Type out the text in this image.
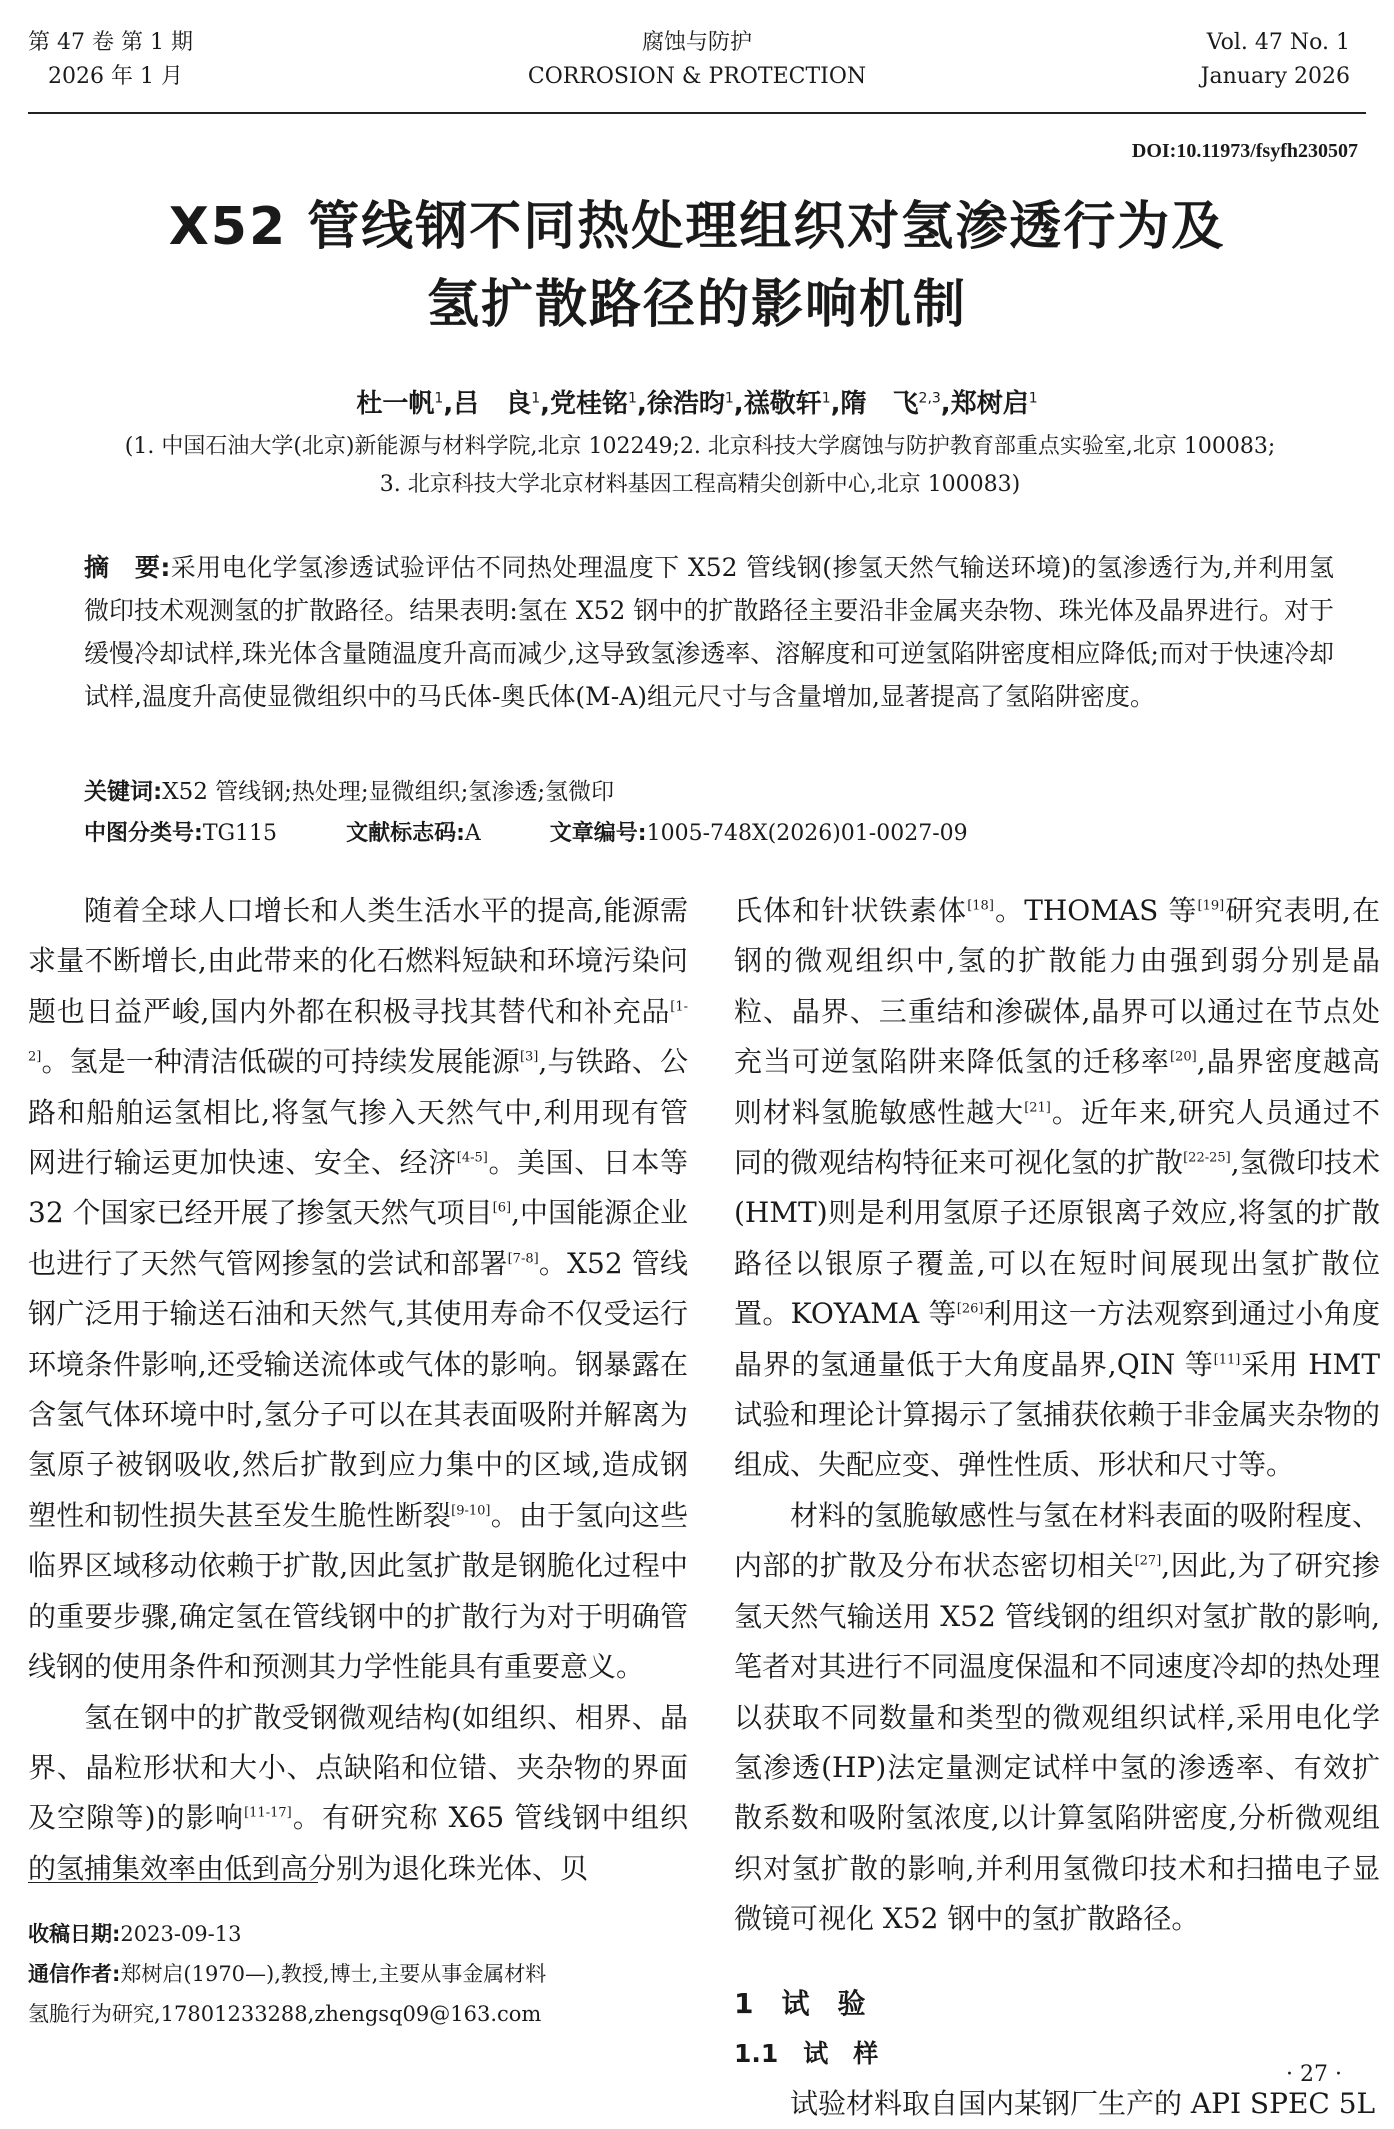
第 47 卷 第 1 期
2026 年 1 月
腐蚀与防护
CORROSION & PROTECTION
Vol. 47 No. 1
January 2026
DOI:10.11973/fsyfh230507
X52 管线钢不同热处理组织对氢渗透行为及
氢扩散路径的影响机制
杜一帆$^1$,吕　良$^1$,党桂铭$^1$,徐浩昀$^1$,禚敬轩$^1$,隋　飞$^{2,3}$,郑树启$^1$
(1. 中国石油大学(北京)新能源与材料学院,北京 102249;2. 北京科技大学腐蚀与防护教育部重点实验室,北京 100083;
3. 北京科技大学北京材料基因工程高精尖创新中心,北京 100083)
摘　要:采用电化学氢渗透试验评估不同热处理温度下 X52 管线钢(掺氢天然气输送环境)的氢渗透行为,并利用氢微印技术观测氢的扩散路径。结果表明:氢在 X52 钢中的扩散路径主要沿非金属夹杂物、珠光体及晶界进行。对于缓慢冷却试样,珠光体含量随温度升高而减少,这导致氢渗透率、溶解度和可逆氢陷阱密度相应降低;而对于快速冷却试样,温度升高使显微组织中的马氏体-奥氏体(M-A)组元尺寸与含量增加,显著提高了氢陷阱密度。
关键词:X52 管线钢;热处理;显微组织;氢渗透;氢微印
中图分类号:TG115	文献标志码:A	文章编号:1005-748X(2026)01-0027-09

随着全球人口增长和人类生活水平的提高,能源需求量不断增长,由此带来的化石燃料短缺和环境污染问题也日益严峻,国内外都在积极寻找其替代和补充品[1-2]。氢是一种清洁低碳的可持续发展能源[3],与铁路、公路和船舶运氢相比,将氢气掺入天然气中,利用现有管网进行输运更加快速、安全、经济[4-5]。美国、日本等 32 个国家已经开展了掺氢天然气项目[6],中国能源企业也进行了天然气管网掺氢的尝试和部署[7-8]。X52 管线钢广泛用于输送石油和天然气,其使用寿命不仅受运行环境条件影响,还受输送流体或气体的影响。钢暴露在含氢气体环境中时,氢分子可以在其表面吸附并解离为氢原子被钢吸收,然后扩散到应力集中的区域,造成钢塑性和韧性损失甚至发生脆性断裂[9-10]。由于氢向这些临界区域移动依赖于扩散,因此氢扩散是钢脆化过程中的重要步骤,确定氢在管线钢中的扩散行为对于明确管线钢的使用条件和预测其力学性能具有重要意义。

氢在钢中的扩散受钢微观结构(如组织、相界、晶界、晶粒形状和大小、点缺陷和位错、夹杂物的界面及空隙等)的影响[11-17]。有研究称 X65 管线钢中组织的氢捕集效率由低到高分别为退化珠光体、贝

氏体和针状铁素体[18]。THOMAS 等[19]研究表明,在钢的微观组织中,氢的扩散能力由强到弱分别是晶粒、晶界、三重结和渗碳体,晶界可以通过在节点处充当可逆氢陷阱来降低氢的迁移率[20],晶界密度越高则材料氢脆敏感性越大[21]。近年来,研究人员通过不同的微观结构特征来可视化氢的扩散[22-25],氢微印技术(HMT)则是利用氢原子还原银离子效应,将氢的扩散路径以银原子覆盖,可以在短时间展现出氢扩散位置。KOYAMA 等[26]利用这一方法观察到通过小角度晶界的氢通量低于大角度晶界,QIN 等[11]采用 HMT 试验和理论计算揭示了氢捕获依赖于非金属夹杂物的组成、失配应变、弹性性质、形状和尺寸等。

材料的氢脆敏感性与氢在材料表面的吸附程度、内部的扩散及分布状态密切相关[27],因此,为了研究掺氢天然气输送用 X52 管线钢的组织对氢扩散的影响,笔者对其进行不同温度保温和不同速度冷却的热处理以获取不同数量和类型的微观组织试样,采用电化学氢渗透(HP)法定量测定试样中氢的渗透率、有效扩散系数和吸附氢浓度,以计算氢陷阱密度,分析微观组织对氢扩散的影响,并利用氢微印技术和扫描电子显微镜可视化 X52 钢中的氢扩散路径。

1　试　验
1.1　试　样

试验材料取自国内某钢厂生产的 API SPEC 5L

收稿日期:2023-09-13
通信作者:郑树启(1970—),教授,博士,主要从事金属材料
氢脆行为研究,17801233288,zhengsq09@163.com
· 27 ·
